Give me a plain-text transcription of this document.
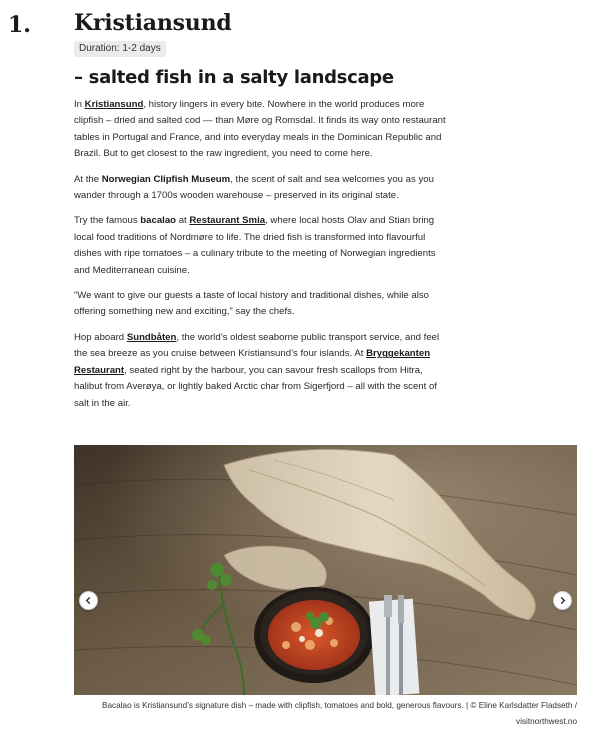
1. Kristiansund
Duration: 1-2 days
– salted fish in a salty landscape

In Kristiansund, history lingers in every bite. Nowhere in the world produces more clipfish – dried and salted cod — than Møre og Romsdal. It finds its way onto restaurant tables in Portugal and France, and into everyday meals in the Dominican Republic and Brazil. But to get closest to the raw ingredient, you need to come here.

At the Norwegian Clipfish Museum, the scent of salt and sea welcomes you as you wander through a 1700s wooden warehouse – preserved in its original state.

Try the famous bacalao at Restaurant Smia, where local hosts Olav and Stian bring local food traditions of Nordmøre to life. The dried fish is transformed into flavourful dishes with ripe tomatoes – a culinary tribute to the meeting of Norwegian ingredients and Mediterranean cuisine.

“We want to give our guests a taste of local history and traditional dishes, while also offering something new and exciting,” say the chefs.

Hop aboard Sundbåten, the world’s oldest seaborne public transport service, and feel the sea breeze as you cruise between Kristiansund’s four islands. At Bryggekanten Restaurant, seated right by the harbour, you can savour fresh scallops from Hitra, halibut from Averøya, or lightly baked Arctic char from Sigerfjord – all with the scent of salt in the air.

Bacalao is Kristiansund’s signature dish – made with clipfish, tomatoes and bold, generous flavours. | © Eline Karlsdatter Fladseth / visitnorthwest.no
